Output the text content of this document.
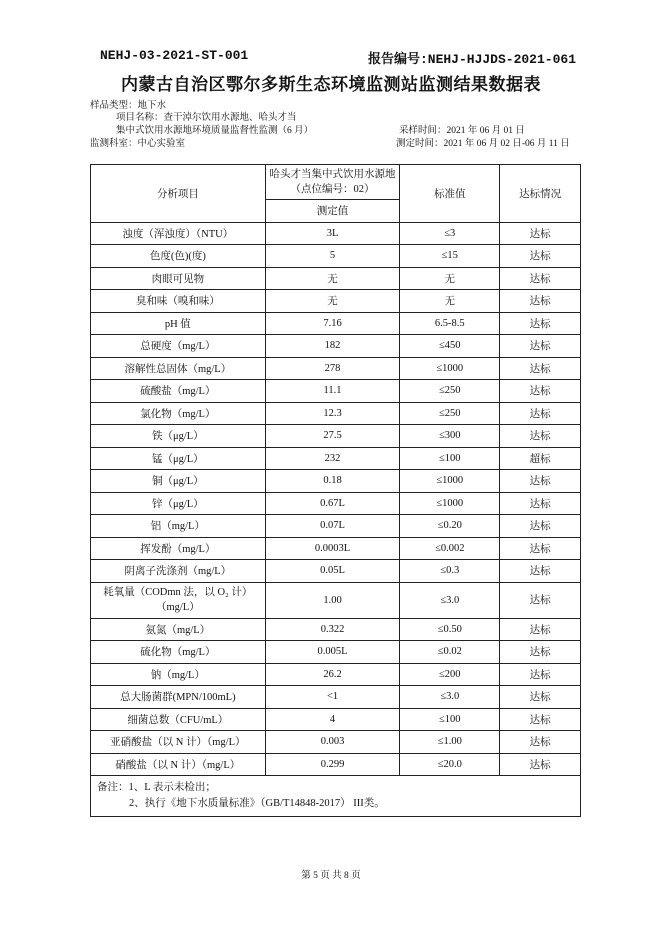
NEHJ-03-2021-ST-001	报告编号:NEHJ-HJJDS-2021-061
内蒙古自治区鄂尔多斯生态环境监测站监测结果数据表
样品类型：地下水
项目名称：查干淖尔饮用水源地、哈头才当
集中式饮用水源地环境质量监督性监测（6 月）	采样时间：2021 年 06 月 01 日
监测科室：中心实验室	测定时间：2021 年 06 月 02 日-06 月 11 日
分析项目	哈头才当集中式饮用水源地　（点位编号：02）	标准值	达标情况
	测定值		
浊度（浑浊度）（NTU）	3L	≤3	达标
色度(色)(度)	5	≤15	达标
肉眼可见物	无	无	达标
臭和味（嗅和味）	无	无	达标
pH 值	7.16	6.5-8.5	达标
总硬度（mg/L）	182	≤450	达标
溶解性总固体（mg/L）	278	≤1000	达标
硫酸盐（mg/L）	11.1	≤250	达标
氯化物（mg/L）	12.3	≤250	达标
铁（μg/L）	27.5	≤300	达标
锰（μg/L）	232	≤100	超标
铜（μg/L）	0.18	≤1000	达标
锌（μg/L）	0.67L	≤1000	达标
铝（mg/L）	0.07L	≤0.20	达标
挥发酚（mg/L）	0.0003L	≤0.002	达标
阴离子洗涤剂（mg/L）	0.05L	≤0.3	达标
耗氧量（CODmn 法，以 O₂ 计）（mg/L）	1.00	≤3.0	达标
氨氮（mg/L）	0.322	≤0.50	达标
硫化物（mg/L）	0.005L	≤0.02	达标
钠（mg/L）	26.2	≤200	达标
总大肠菌群(MPN/100mL)	<1	≤3.0	达标
细菌总数（CFU/mL）	4	≤100	达标
亚硝酸盐（以 N 计）（mg/L）	0.003	≤1.00	达标
硝酸盐（以 N 计）（mg/L）	0.299	≤20.0	达标

备注：1、L 表示未检出；
2、执行《地下水质量标准》（GB/T14848-2017） III类。			
第 5 页 共 8 页
